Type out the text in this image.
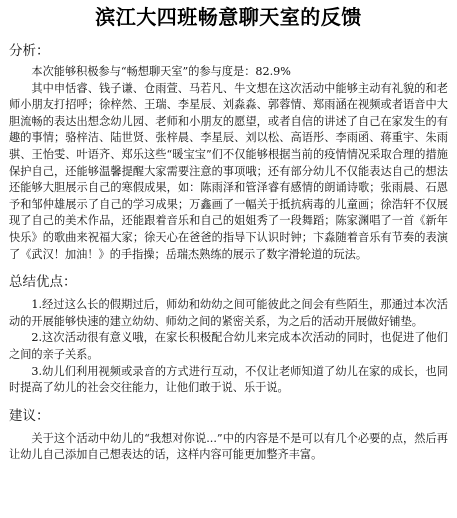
滨江大四班畅意聊天室的反馈
分析：

本次能够积极参与“畅想聊天室”的参与度是：82.9%

其中申恬睿、钱子谦、仓雨萱、马若凡、牛文想在这次活动中能够主动有礼貌的和老师小朋友打招呼；徐梓然、王瑞、李星辰、刘淼淼、郭蓉情、郑雨涵在视频或者语音中大胆流畅的表达出想念幼儿园、老师和小朋友的愿望，或者自信的讲述了自己在家发生的有趣的事情；骆梓洁、陆世贤、张梓晨、李星辰、刘以松、高语彤、李雨函、蒋重宇、朱雨骐、王怡雯、叶语齐、郑乐这些“暖宝宝”们不仅能够根据当前的疫情情况采取合理的措施保护自己，还能够温馨提醒大家需要注意的事项哦；还有部分幼儿不仅能表达自己的想法还能够大胆展示自己的寒假成果，如：陈雨泽和管泽睿有感情的朗诵诗歌；张雨晨、石恩予和邹仲雄展示了自己的学习成果；万鑫画了一幅关于抵抗病毒的儿童画；徐浩轩不仅展现了自己的美术作品，还能跟着音乐和自己的姐姐秀了一段舞蹈；陈家渊唱了一首《新年快乐》的歌曲来祝福大家；徐天心在爸爸的指导下认识时钟；卞淼随着音乐有节奏的表演了《武汉！加油！》的手指操；岳瑞杰熟练的展示了数字滑轮道的玩法。

总结优点：

1.经过这么长的假期过后，师幼和幼幼之间可能彼此之间会有些陌生，那通过本次活动的开展能够快速的建立幼幼、师幼之间的紧密关系，为之后的活动开展做好铺垫。

2.这次活动很有意义哦，在家长积极配合幼儿来完成本次活动的同时，也促进了他们之间的亲子关系。

3.幼儿们利用视频或录音的方式进行互动，不仅让老师知道了幼儿在家的成长，也同时提高了幼儿的社会交往能力，让他们敢于说、乐于说。

建议：

关于这个活动中幼儿的“我想对你说...”中的内容是不是可以有几个必要的点，然后再让幼儿自己添加自己想表达的话，这样内容可能更加整齐丰富。
